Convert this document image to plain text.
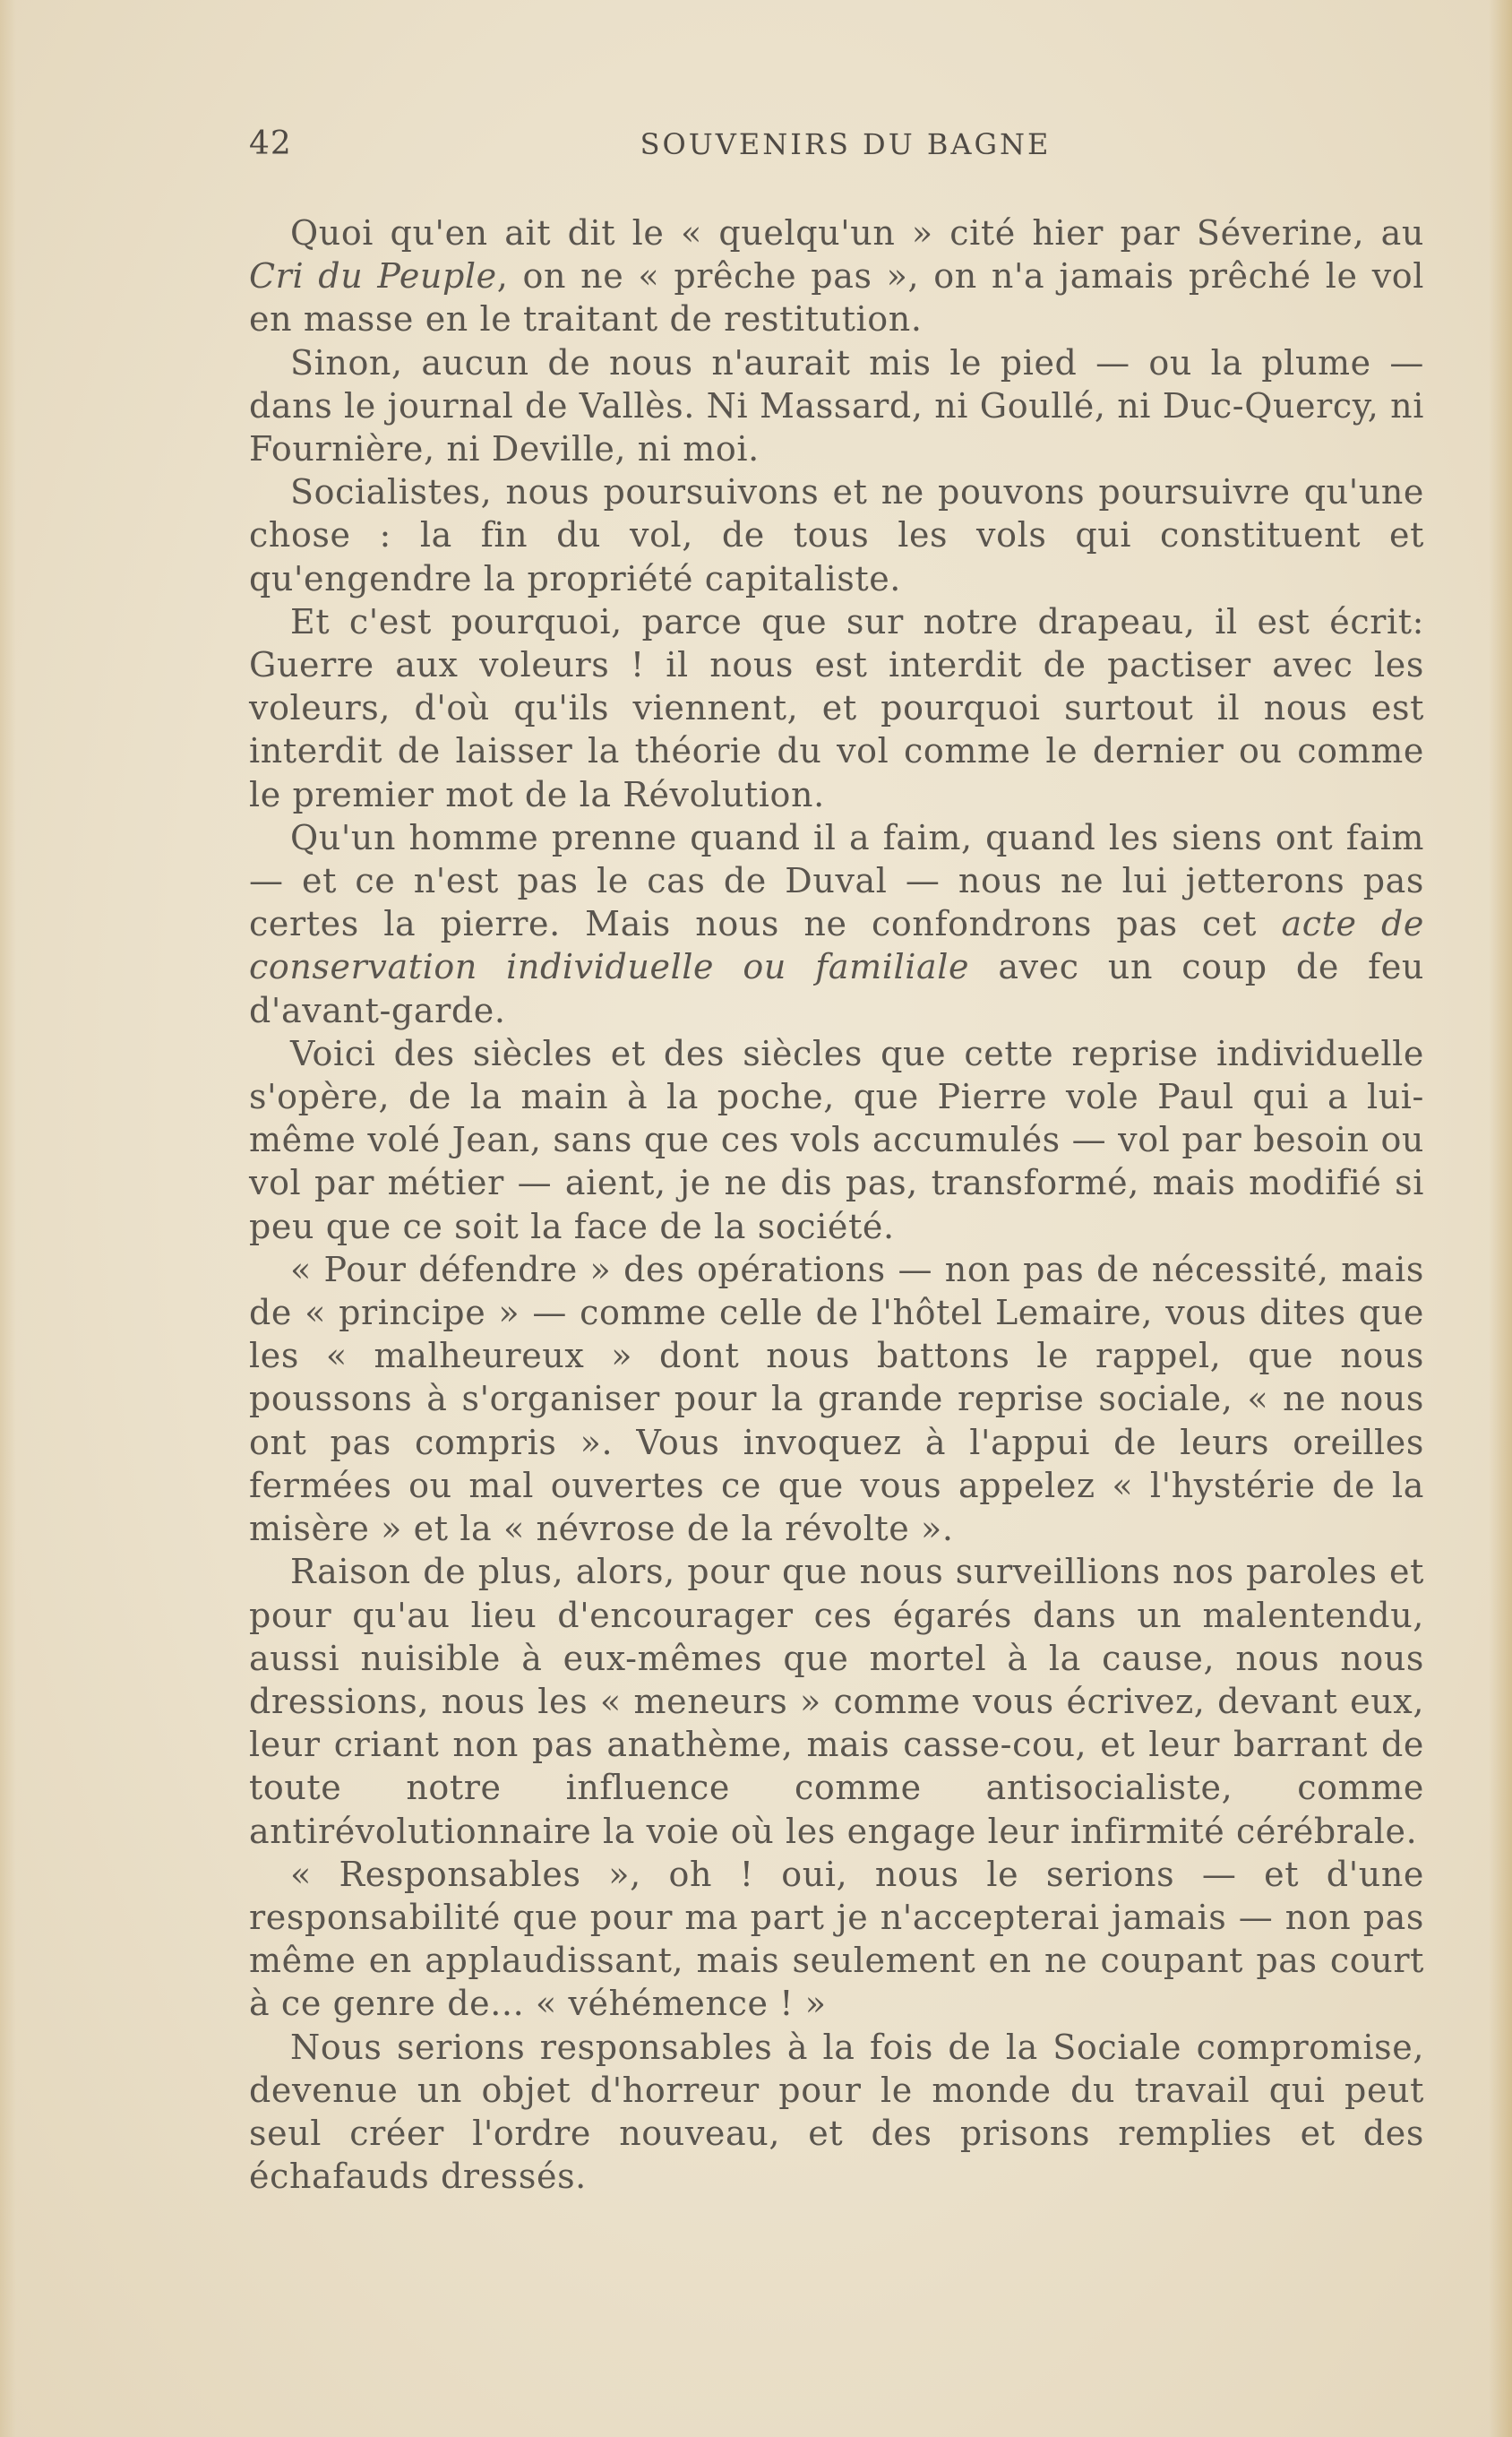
42	SOUVENIRS DU BAGNE

Quoi qu'en ait dit le « quelqu'un » cité hier par Séverine, au Cri du Peuple, on ne « prêche pas », on n'a jamais prêché le vol en masse en le traitant de restitution.

Sinon, aucun de nous n'aurait mis le pied — ou la plume — dans le journal de Vallès. Ni Massard, ni Goullé, ni Duc-Quercy, ni Fournière, ni Deville, ni moi.

Socialistes, nous poursuivons et ne pouvons poursuivre qu'une chose : la fin du vol, de tous les vols qui constituent et qu'engendre la propriété capitaliste.

Et c'est pourquoi, parce que sur notre drapeau, il est écrit: Guerre aux voleurs ! il nous est interdit de pactiser avec les voleurs, d'où qu'ils viennent, et pourquoi surtout il nous est interdit de laisser la théorie du vol comme le dernier ou comme le premier mot de la Révolution.

Qu'un homme prenne quand il a faim, quand les siens ont faim — et ce n'est pas le cas de Duval — nous ne lui jetterons pas certes la pierre. Mais nous ne confondrons pas cet acte de conservation individuelle ou familiale avec un coup de feu d'avant-garde.

Voici des siècles et des siècles que cette reprise individuelle s'opère, de la main à la poche, que Pierre vole Paul qui a lui-même volé Jean, sans que ces vols accumulés — vol par besoin ou vol par métier — aient, je ne dis pas, transformé, mais modifié si peu que ce soit la face de la société.

« Pour défendre » des opérations — non pas de nécessité, mais de « principe » — comme celle de l'hôtel Lemaire, vous dites que les « malheureux » dont nous battons le rappel, que nous poussons à s'organiser pour la grande reprise sociale, « ne nous ont pas compris ». Vous invoquez à l'appui de leurs oreilles fermées ou mal ouvertes ce que vous appelez « l'hystérie de la misère » et la « névrose de la révolte ».

Raison de plus, alors, pour que nous surveillions nos paroles et pour qu'au lieu d'encourager ces égarés dans un malentendu, aussi nuisible à eux-mêmes que mortel à la cause, nous nous dressions, nous les « meneurs » comme vous écrivez, devant eux, leur criant non pas anathème, mais casse-cou, et leur barrant de toute notre influence comme antisocialiste, comme antirévolutionnaire la voie où les engage leur infirmité cérébrale.

« Responsables », oh ! oui, nous le serions — et d'une responsabilité que pour ma part je n'accepterai jamais — non pas même en applaudissant, mais seulement en ne coupant pas court à ce genre de... « véhémence ! »

Nous serions responsables à la fois de la Sociale compromise, devenue un objet d'horreur pour le monde du travail qui peut seul créer l'ordre nouveau, et des prisons remplies et des échafauds dressés.
